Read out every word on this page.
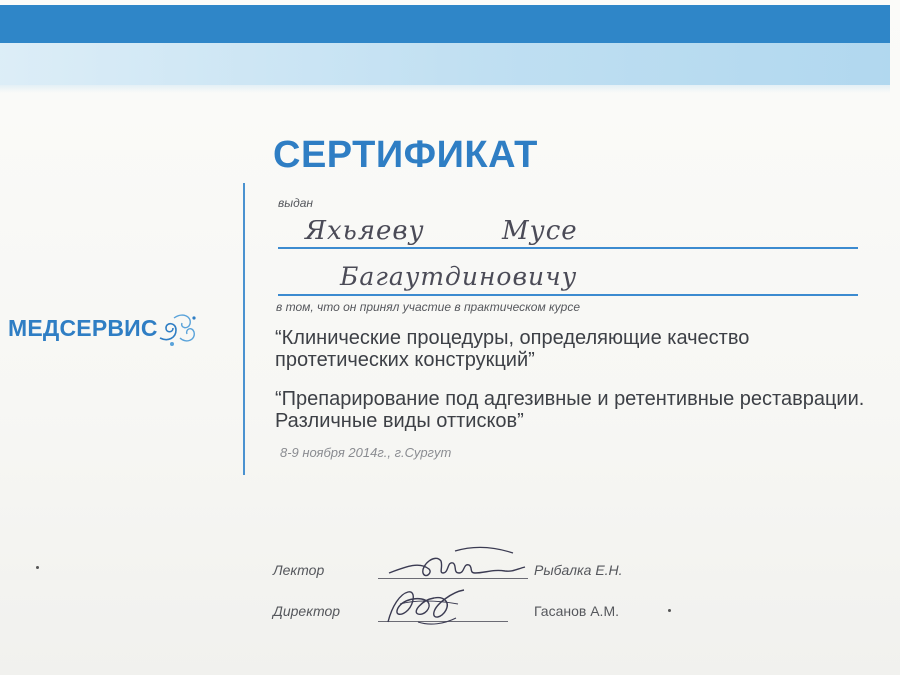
МЕДСЕРВИС
СЕРТИФИКАТ
выдан
Яхьяеву	Мусе
Багаутдиновичу
в том, что он принял участие в практическом курсе
“Клинические процедуры, определяющие качество протетических конструкций”
“Препарирование под адгезивные и ретентивные реставрации. Различные виды оттисков”
8-9 ноября 2014г., г.Сургут
Лектор	Рыбалка Е.Н.
Директор	Гасанов А.М.
